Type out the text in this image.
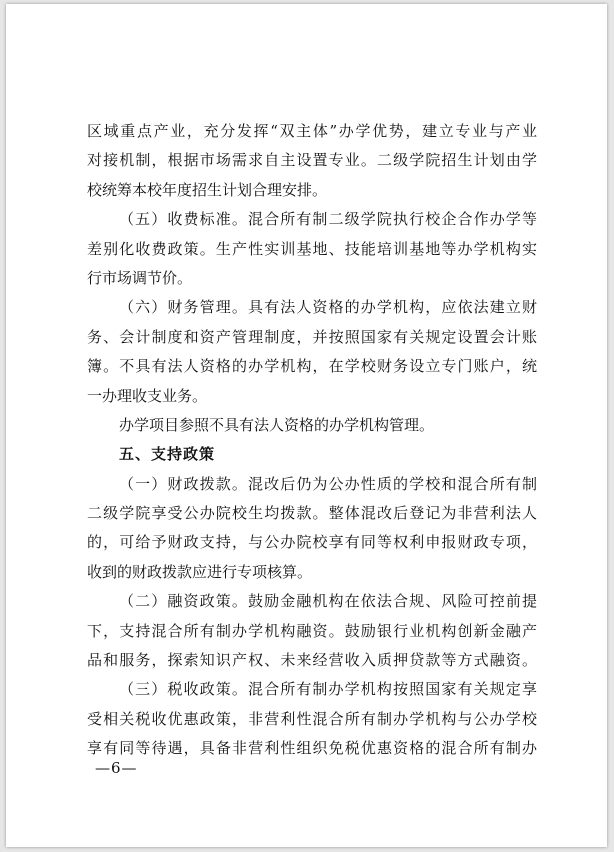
区域重点产业，充分发挥“双主体”办学优势，建立专业与产业
对接机制，根据市场需求自主设置专业。二级学院招生计划由学
校统筹本校年度招生计划合理安排。
（五）收费标准。混合所有制二级学院执行校企合作办学等
差别化收费政策。生产性实训基地、技能培训基地等办学机构实
行市场调节价。
（六）财务管理。具有法人资格的办学机构，应依法建立财
务、会计制度和资产管理制度，并按照国家有关规定设置会计账
簿。不具有法人资格的办学机构，在学校财务设立专门账户，统
一办理收支业务。
办学项目参照不具有法人资格的办学机构管理。
五、支持政策
（一）财政拨款。混改后仍为公办性质的学校和混合所有制
二级学院享受公办院校生均拨款。整体混改后登记为非营利法人
的，可给予财政支持，与公办院校享有同等权利申报财政专项，
收到的财政拨款应进行专项核算。
（二）融资政策。鼓励金融机构在依法合规、风险可控前提
下，支持混合所有制办学机构融资。鼓励银行业机构创新金融产
品和服务，探索知识产权、未来经营收入质押贷款等方式融资。
（三）税收政策。混合所有制办学机构按照国家有关规定享
受相关税收优惠政策，非营利性混合所有制办学机构与公办学校
享有同等待遇，具备非营利性组织免税优惠资格的混合所有制办
—6—
